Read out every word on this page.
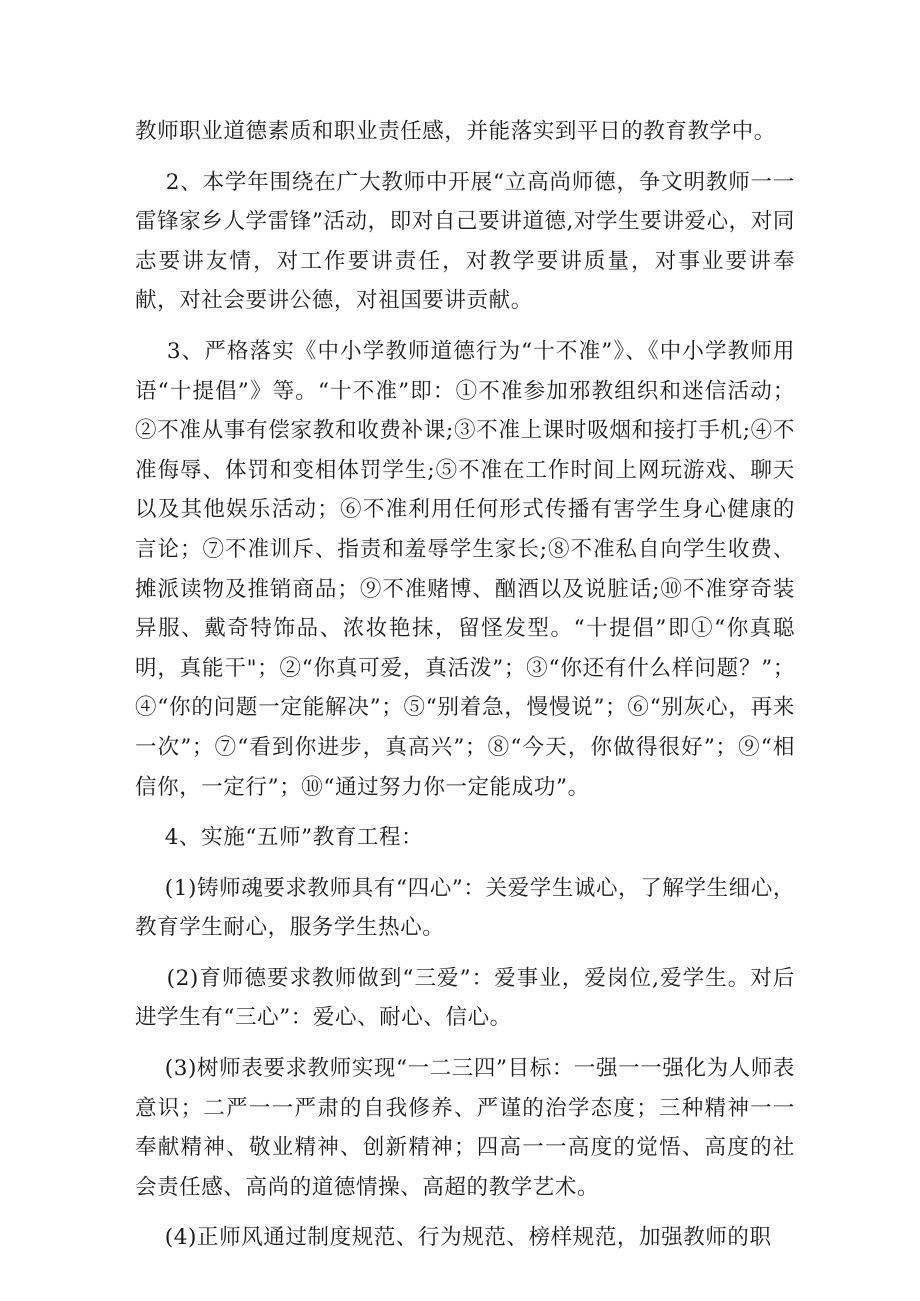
教师职业道德素质和职业责任感，并能落实到平日的教育教学中。

2、本学年围绕在广大教师中开展“立高尚师德，争文明教师一一雷锋家乡人学雷锋”活动，即对自己要讲道德,对学生要讲爱心，对同志要讲友情，对工作要讲责任，对教学要讲质量，对事业要讲奉献，对社会要讲公德，对祖国要讲贡献。

3、严格落实《中小学教师道德行为“十不准”》、《中小学教师用语“十提倡”》等。“十不准”即：①不准参加邪教组织和迷信活动；②不准从事有偿家教和收费补课;③不准上课时吸烟和接打手机;④不准侮辱、体罚和变相体罚学生;⑤不准在工作时间上网玩游戏、聊天以及其他娱乐活动；⑥不准利用任何形式传播有害学生身心健康的言论；⑦不准训斥、指责和羞辱学生家长;⑧不准私自向学生收费、摊派读物及推销商品；⑨不准赌博、酗酒以及说脏话;⑩不准穿奇装异服、戴奇特饰品、浓妆艳抹，留怪发型。“十提倡”即①“你真聪明，真能干"；②“你真可爱，真活泼”；③“你还有什么样问题？”；④“你的问题一定能解决”；⑤“别着急，慢慢说”；⑥“别灰心，再来一次”；⑦“看到你进步，真高兴”；⑧“今天，你做得很好”；⑨“相信你，一定行”；⑩“通过努力你一定能成功”。

4、实施“五师”教育工程：

(1)铸师魂要求教师具有“四心”：关爱学生诚心，了解学生细心，教育学生耐心，服务学生热心。

(2)育师德要求教师做到“三爱”：爱事业，爱岗位,爱学生。对后进学生有“三心”：爱心、耐心、信心。

(3)树师表要求教师实现“一二三四”目标：一强一一强化为人师表意识；二严一一严肃的自我修养、严谨的治学态度；三种精神一一奉献精神、敬业精神、创新精神；四高一一高度的觉悟、高度的社会责任感、高尚的道德情操、高超的教学艺术。

(4)正师风通过制度规范、行为规范、榜样规范，加强教师的职
